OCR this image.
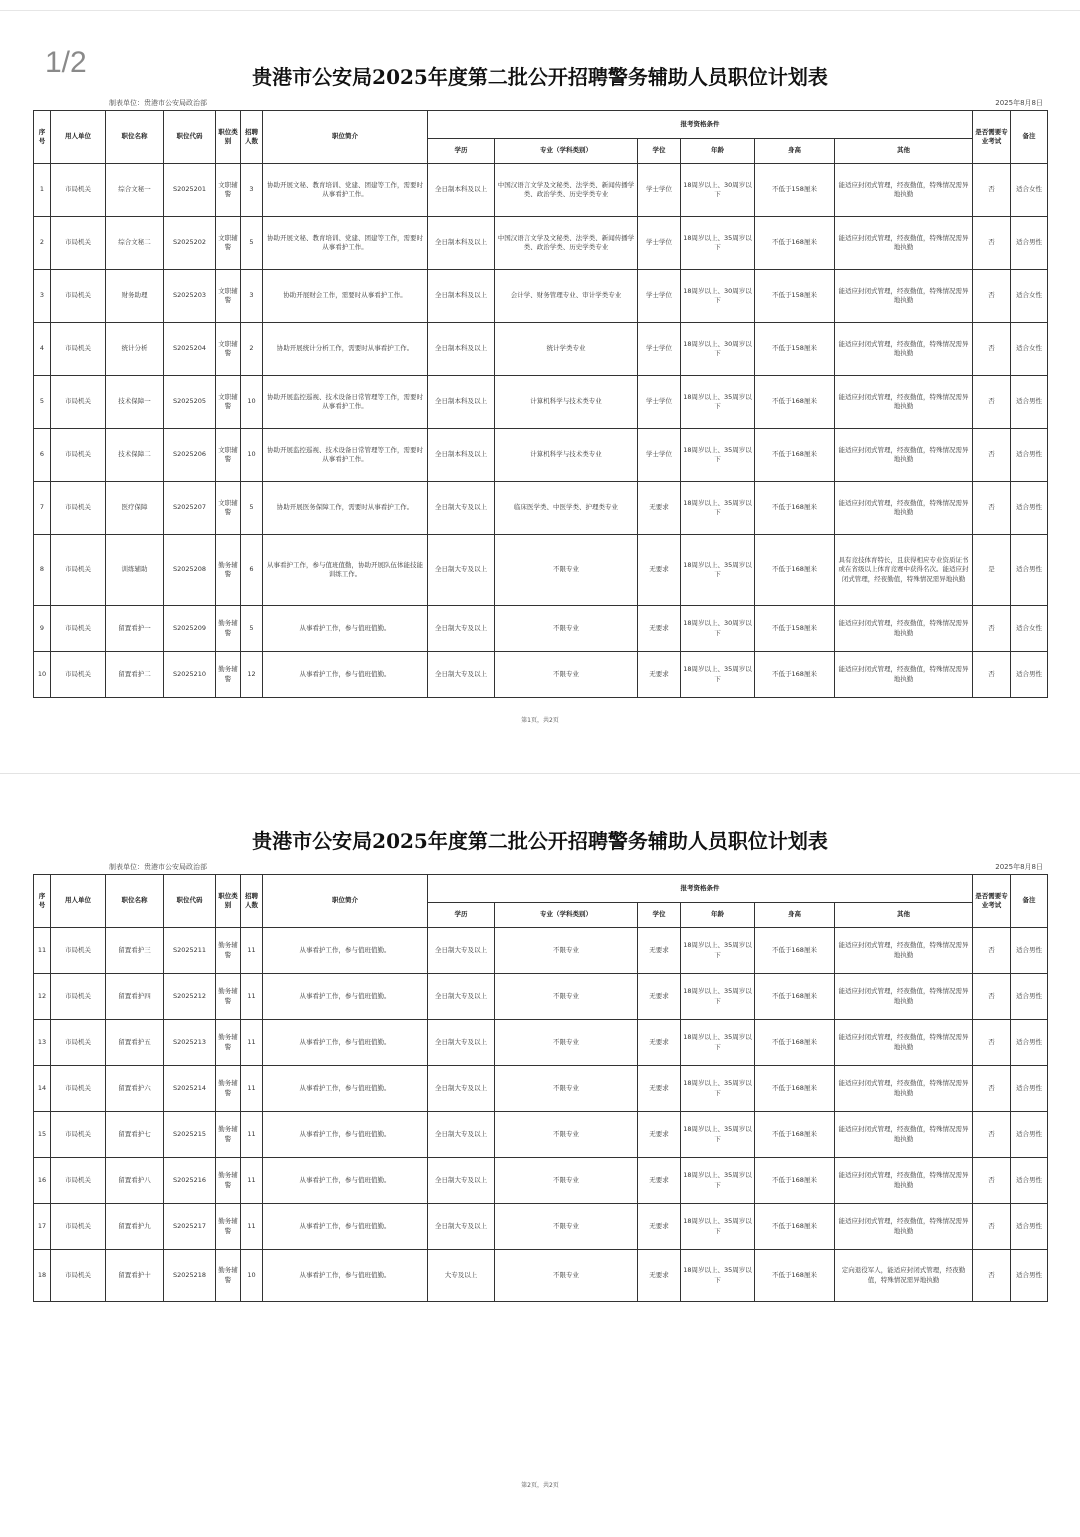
1/2	贵港市公安局2025年度第二批公开招聘警务辅助人员职位计划表
制表单位：贵港市公安局政治部	2025年8月8日
序号	用人单位	职位名称	职位代码	职位类别	招聘人数	职位简介	报考资格条件						是否需要专业考试	备注
							学历	专业（学科类别）	学位	年龄	身高	其他		
1	市局机关	综合文秘一	S2025201	文职辅警	3	协助开展文秘、教育培训、党建、团建等工作，需要时从事看护工作。	全日制本科及以上	中国汉语言文学及文秘类、法学类、新闻传播学类、政治学类、历史学类专业	学士学位	18周岁以上、30周岁以下	不低于158厘米	能适应封闭式管理，经夜勤值，特殊情况需异地执勤	否	适合女性
2	市局机关	综合文秘二	S2025202	文职辅警	5	协助开展文秘、教育培训、党建、团建等工作，需要时从事看护工作。	全日制本科及以上	中国汉语言文学及文秘类、法学类、新闻传播学类、政治学类、历史学类专业	学士学位	18周岁以上、35周岁以下	不低于168厘米	能适应封闭式管理，经夜勤值，特殊情况需异地执勤	否	适合男性
3	市局机关	财务助理	S2025203	文职辅警	3	协助开展财会工作，需要时从事看护工作。	全日制本科及以上	会计学、财务管理专业、审计学类专业	学士学位	18周岁以上、30周岁以下	不低于158厘米	能适应封闭式管理，经夜勤值，特殊情况需异地执勤	否	适合女性
4	市局机关	统计分析	S2025204	文职辅警	2	协助开展统计分析工作，需要时从事看护工作。	全日制本科及以上	统计学类专业	学士学位	18周岁以上、30周岁以下	不低于158厘米	能适应封闭式管理，经夜勤值，特殊情况需异地执勤	否	适合女性
5	市局机关	技术保障一	S2025205	文职辅警	10	协助开展监控巡视、技术设备日常管理等工作，需要时从事看护工作。	全日制本科及以上	计算机科学与技术类专业	学士学位	18周岁以上、35周岁以下	不低于168厘米	能适应封闭式管理，经夜勤值，特殊情况需异地执勤	否	适合男性
6	市局机关	技术保障二	S2025206	文职辅警	10	协助开展监控巡视、技术设备日常管理等工作，需要时从事看护工作。	全日制本科及以上	计算机科学与技术类专业	学士学位	18周岁以上、35周岁以下	不低于168厘米	能适应封闭式管理，经夜勤值，特殊情况需异地执勤	否	适合男性
7	市局机关	医疗保障	S2025207	文职辅警	5	协助开展医务保障工作，需要时从事看护工作。	全日制大专及以上	临床医学类、中医学类、护理类专业	无要求	18周岁以上、35周岁以下	不低于168厘米	能适应封闭式管理，经夜勤值，特殊情况需异地执勤	否	适合男性
8	市局机关	训练辅助	S2025208	勤务辅警	6	从事看护工作，参与值班值勤，协助开展队伍体能技能训练工作。	全日制大专及以上	不限专业	无要求	18周岁以上、35周岁以下	不低于168厘米	具有竞技体育特长，且获得相应专业资质证书或在省级以上体育竞赛中获得名次。能适应封闭式管理，经夜勤值，特殊情况需异地执勤	是	适合男性
9	市局机关	留置看护一	S2025209	勤务辅警	5	从事看护工作，参与值班值勤。	全日制大专及以上	不限专业	无要求	18周岁以上、30周岁以下	不低于158厘米	能适应封闭式管理，经夜勤值，特殊情况需异地执勤	否	适合女性
10	市局机关	留置看护二	S2025210	勤务辅警	12	从事看护工作，参与值班值勤。	全日制大专及以上	不限专业	无要求	18周岁以上、35周岁以下	不低于168厘米	能适应封闭式管理，经夜勤值，特殊情况需异地执勤	否	适合男性
第1页，共2页
贵港市公安局2025年度第二批公开招聘警务辅助人员职位计划表
制表单位：贵港市公安局政治部	2025年8月8日
序号	用人单位	职位名称	职位代码	职位类别	招聘人数	职位简介	报考资格条件						是否需要专业考试	备注
							学历	专业（学科类别）	学位	年龄	身高	其他		
11	市局机关	留置看护三	S2025211	勤务辅警	11	从事看护工作，参与值班值勤。	全日制大专及以上	不限专业	无要求	18周岁以上、35周岁以下	不低于168厘米	能适应封闭式管理，经夜勤值，特殊情况需异地执勤	否	适合男性
12	市局机关	留置看护四	S2025212	勤务辅警	11	从事看护工作，参与值班值勤。	全日制大专及以上	不限专业	无要求	18周岁以上、35周岁以下	不低于168厘米	能适应封闭式管理，经夜勤值，特殊情况需异地执勤	否	适合男性
13	市局机关	留置看护五	S2025213	勤务辅警	11	从事看护工作，参与值班值勤。	全日制大专及以上	不限专业	无要求	18周岁以上、35周岁以下	不低于168厘米	能适应封闭式管理，经夜勤值，特殊情况需异地执勤	否	适合男性
14	市局机关	留置看护六	S2025214	勤务辅警	11	从事看护工作，参与值班值勤。	全日制大专及以上	不限专业	无要求	18周岁以上、35周岁以下	不低于168厘米	能适应封闭式管理，经夜勤值，特殊情况需异地执勤	否	适合男性
15	市局机关	留置看护七	S2025215	勤务辅警	11	从事看护工作，参与值班值勤。	全日制大专及以上	不限专业	无要求	18周岁以上、35周岁以下	不低于168厘米	能适应封闭式管理，经夜勤值，特殊情况需异地执勤	否	适合男性
16	市局机关	留置看护八	S2025216	勤务辅警	11	从事看护工作，参与值班值勤。	全日制大专及以上	不限专业	无要求	18周岁以上、35周岁以下	不低于168厘米	能适应封闭式管理，经夜勤值，特殊情况需异地执勤	否	适合男性
17	市局机关	留置看护九	S2025217	勤务辅警	11	从事看护工作，参与值班值勤。	全日制大专及以上	不限专业	无要求	18周岁以上、35周岁以下	不低于168厘米	能适应封闭式管理，经夜勤值，特殊情况需异地执勤	否	适合男性
18	市局机关	留置看护十	S2025218	勤务辅警	10	从事看护工作，参与值班值勤。	大专及以上	不限专业	无要求	18周岁以上、35周岁以下	不低于168厘米	定向退役军人，能适应封闭式管理，经夜勤值，特殊情况需异地执勤	否	适合男性
第2页，共2页
